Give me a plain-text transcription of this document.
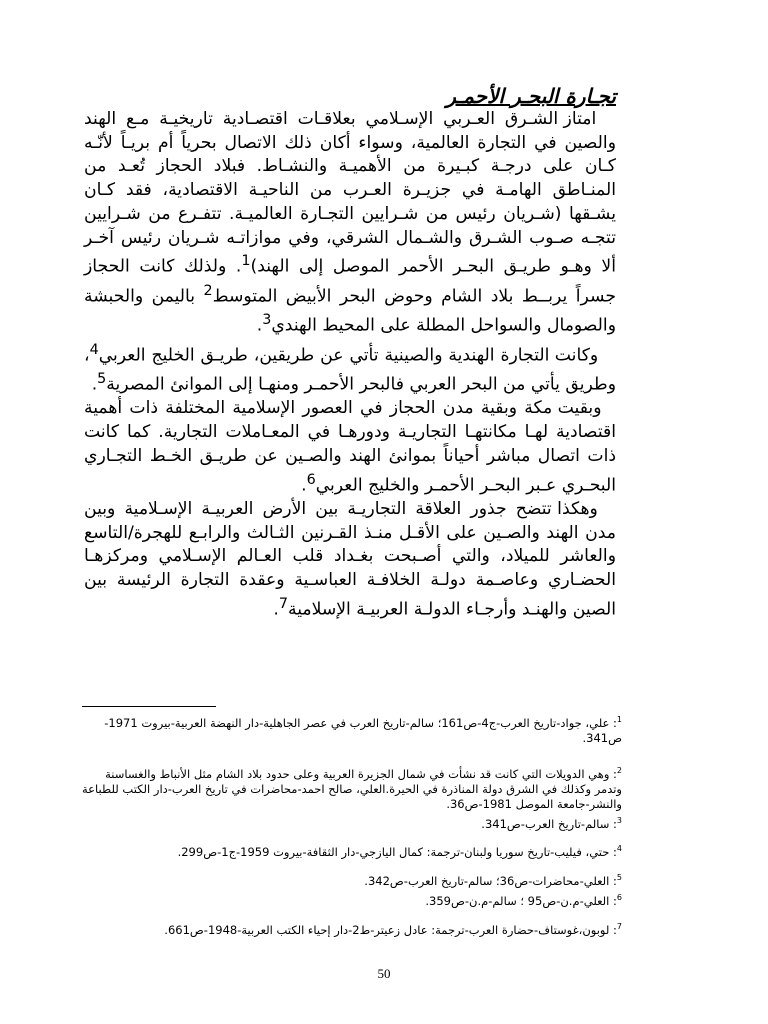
تجـارة البحـر الأحمـر

امتاز الشـرق العـربي الإسـلامي بعلاقـات اقتصـادية تاريخيـة مـع الهند والصين في التجارة العالمية، وسواء أكان ذلك الاتصال بحرياً أم بريـاً لأنّـه كـان على درجـة كبـيرة من الأهميـة والنشـاط. فبلاد الحجاز تُعـد من المنـاطق الهامـة في جزيـرة العـرب من الناحيـة الاقتصادية، فقد كـان يشـقها (شـريان رئيس من شـرايين التجـارة العالميـة. تتفـرع من شـرايين تتجـه صـوب الشـرق والشـمال الشرقي، وفي موازاتـه شـريان رئيس آخـر ألا وهـو طريـق البحـر الأحمر الموصل إلى الهند)$^1$. ولذلك كانت الحجاز جسراً يربــط بلاد الشام وحوض البحر الأبيض المتوسط$^2$ باليمن والحبشة والصومال والسواحل المطلة على المحيط الهندي$^3$.

وكانت التجارة الهندية والصينية تأتي عن طريقين، طريـق الخليج العربي$^4$، وطريق يأتي من البحر العربي فالبحر الأحمـر ومنهـا إلى الموانئ المصرية$^5$.

وبقيت مكة وبقية مدن الحجاز في العصور الإسلامية المختلفة ذات أهمية اقتصادية لهـا مكانتهـا التجاريـة ودورهـا في المعـاملات التجارية. كما كانت ذات اتصال مباشر أحياناً بموانئ الهند والصـين عن طريـق الخـط التجـاري البحـري عـبر البحـر الأحمـر والخليج العربي$^6$.

وهكذا تتضح جذور العلاقة التجاريـة بين الأرض العربيـة الإسـلامية وبين مدن الهند والصـين على الأقـل منـذ القـرنين الثـالث والرابـع للهجرة/التاسع والعاشر للميلاد، والتي أصـبحت بغـداد قلب العـالم الإسـلامي ومركزهـا الحضـاري وعاصـمة دولـة الخلافـة العباسـية وعقدة التجارة الرئيسة بين الصين والهنـد وأرجـاء الدولـة العربيـة الإسلامية$^7$.

$^1$: علي، جواد-تاريخ العرب-ج4-ص161؛ سالم-تاريخ العرب في عصر الجاهلية-دار النهضة العربية-بيروت 1971-ص341.

$^2$: وهي الدويلات التي كانت قد نشأت في شمال الجزيرة العربية وعلى حدود بلاد الشام مثل الأنباط والغساسنة وتدمر وكذلك في الشرق دولة المناذرة في الحيرة.العلي، صالح احمد-محاضرات في تاريخ العرب-دار الكتب للطباعة والنشر-جامعة الموصل 1981-ص36.

$^3$: سالم-تاريخ العرب-ص341.

$^4$: حتي، فيليب-تاريخ سوريا ولبنان-ترجمة: كمال اليازجي-دار الثقافة-بيروت 1959-ج1-ص299.

$^5$: العلي-محاضرات-ص36؛ سالم-تاريخ العرب-ص342.

$^6$: العلي-م.ن-ص95 ؛ سالم-م.ن-ص359.

$^7$: لوبون،غوستاف-حضارة العرب-ترجمة: عادل زعيتر-ط2-دار إحياء الكتب العربية-1948-ص661.

50
